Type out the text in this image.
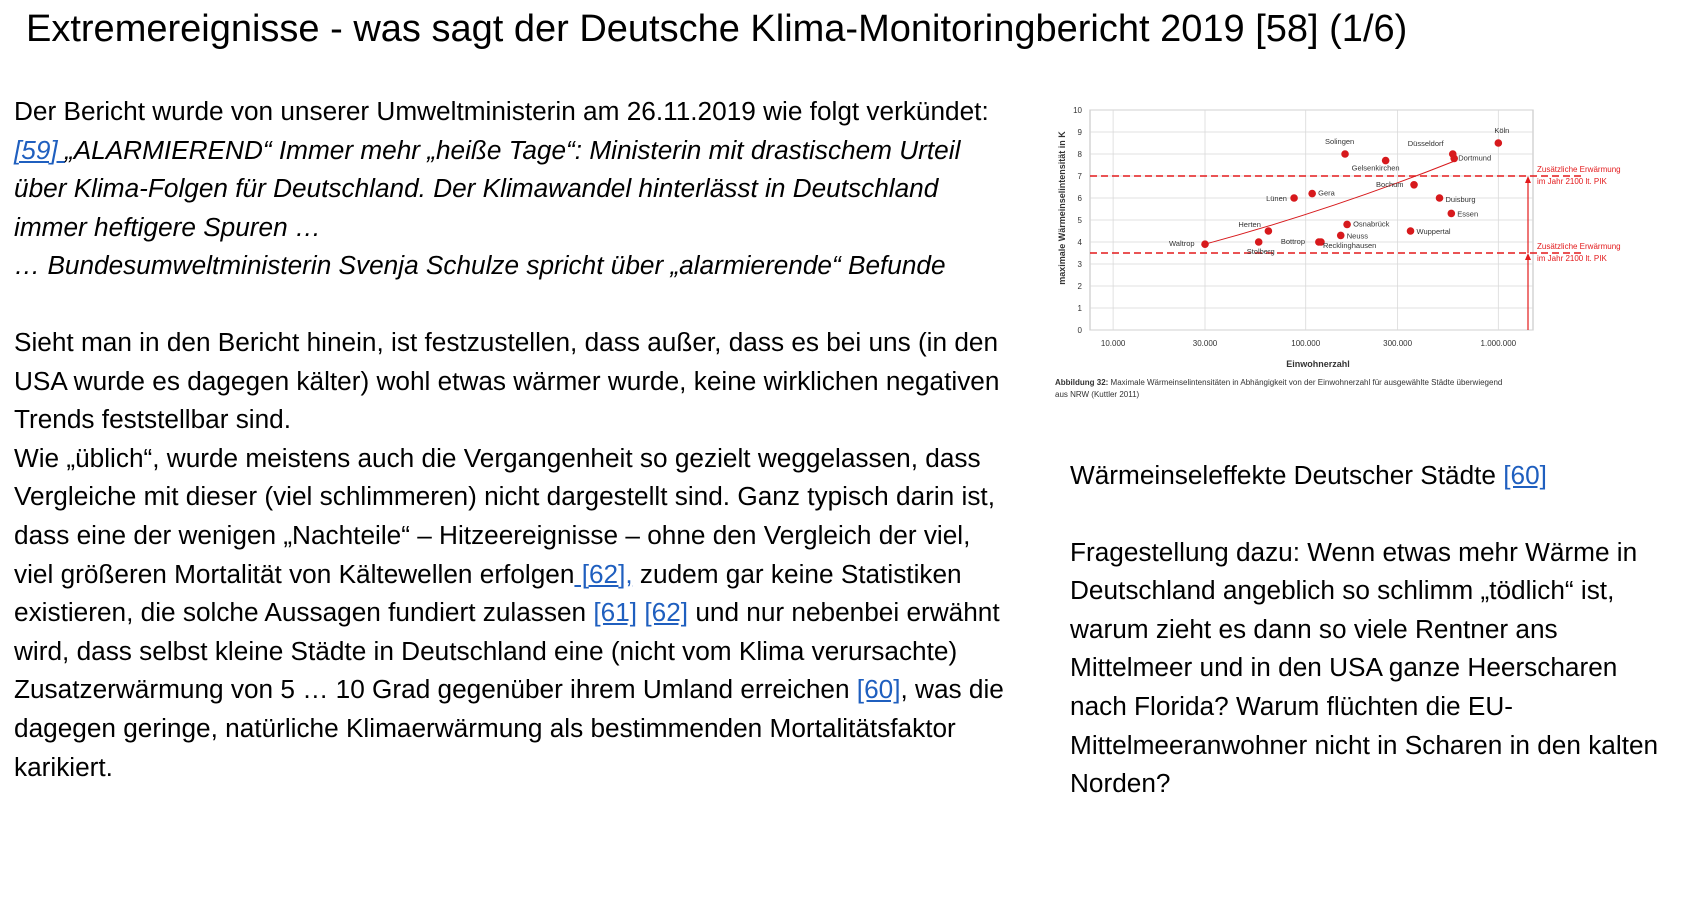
Extremereignisse - was sagt der Deutsche Klima-Monitoringbericht 2019 [58] (1/6)

Der Bericht wurde von unserer Umweltministerin am 26.11.2019 wie folgt verkündet:

[59] „ALARMIEREND“ Immer mehr „heiße Tage“: Ministerin mit drastischem Urteil über Klima-Folgen für Deutschland. Der Klimawandel hinterlässt in Deutschland immer heftigere Spuren …

… Bundesumweltministerin Svenja Schulze spricht über „alarmierende“ Befunde

Sieht man in den Bericht hinein, ist festzustellen, dass außer, dass es bei uns (in den USA wurde es dagegen kälter) wohl etwas wärmer wurde, keine wirklichen negativen Trends feststellbar sind.

Wie „üblich“, wurde meistens auch die Vergangenheit so gezielt weggelassen, dass Vergleiche mit dieser (viel schlimmeren) nicht dargestellt sind. Ganz typisch darin ist, dass eine der wenigen „Nachteile“ – Hitzeereignisse – ohne den Vergleich der viel, viel größeren Mortalität von Kältewellen erfolgen [62], zudem gar keine Statistiken existieren, die solche Aussagen fundiert zulassen [61] [62] und nur nebenbei erwähnt wird, dass selbst kleine Städte in Deutschland eine (nicht vom Klima verursachte) Zusatzerwärmung von 5 … 10 Grad gegenüber ihrem Umland erreichen [60], was die dagegen geringe, natürliche Klimaerwärmung als bestimmenden Mortalitätsfaktor karikiert.

0
1
2
3
4
5
6
7
8
9
10
10.000	30.000	100.000	300.000	1.000.000
Zusätzliche Erwärmung
im Jahr 2100 lt. PIK
Zusätzliche Erwärmung
im Jahr 2100 lt. PIK
Waltrop
Stolberg
Herten
Lünen
Bottrop Recklinghausen
Gera
Solingen
Osnabrück
Neuss
Gelsenkirchen
Bochum
Wuppertal
Duisburg
Essen
Düsseldorf
Dortmund
Köln
maximale Wärmeinselintensität in K
Einwohnerzahl
Abbildung 32: Maximale Wärmeinselintensitäten in Abhängigkeit von der Einwohnerzahl für ausgewählte Städte überwiegend
aus NRW (Kuttler 2011)

Wärmeinseleffekte Deutscher Städte [60]

Fragestellung dazu: Wenn etwas mehr Wärme in Deutschland angeblich so schlimm „tödlich“ ist, warum zieht es dann so viele Rentner ans Mittelmeer und in den USA ganze Heerscharen nach Florida? Warum flüchten die EU-Mittelmeeranwohner nicht in Scharen in den kalten Norden?
